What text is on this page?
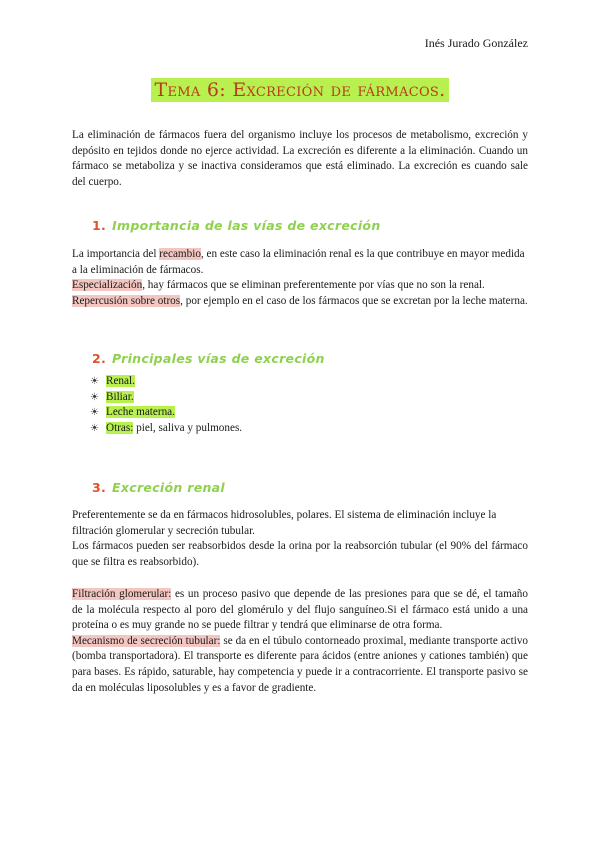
Inés Jurado González
Tema 6: Excreción de fármacos.

La eliminación de fármacos fuera del organismo incluye los procesos de metabolismo, excreción y depósito en tejidos donde no ejerce actividad. La excreción es diferente a la eliminación. Cuando un fármaco se metaboliza y se inactiva consideramos que está eliminado. La excreción es cuando sale del cuerpo.

1. Importancia de las vías de excreción

La importancia del recambio, en este caso la eliminación renal es la que contribuye en mayor medida a la eliminación de fármacos.

Especialización, hay fármacos que se eliminan preferentemente por vías que no son la renal.

Repercusión sobre otros, por ejemplo en el caso de los fármacos que se excretan por la leche materna.

2. Principales vías de excreción
☀ Renal.
☀ Biliar.
☀ Leche materna.
☀ Otras: piel, saliva y pulmones.
3. Excreción renal

Preferentemente se da en fármacos hidrosolubles, polares. El sistema de eliminación incluye la filtración glomerular y secreción tubular.

Los fármacos pueden ser reabsorbidos desde la orina por la reabsorción tubular (el 90% del fármaco que se filtra es reabsorbido).

Filtración glomerular: es un proceso pasivo que depende de las presiones para que se dé, el tamaño de la molécula respecto al poro del glomérulo y del flujo sanguíneo.Si el fármaco está unido a una proteína o es muy grande no se puede filtrar y tendrá que eliminarse de otra forma.

Mecanismo de secreción tubular: se da en el túbulo contorneado proximal, mediante transporte activo (bomba transportadora). El transporte es diferente para ácidos (entre aniones y cationes también) que para bases. Es rápido, saturable, hay competencia y puede ir a contracorriente. El transporte pasivo se da en moléculas liposolubles y es a favor de gradiente.
